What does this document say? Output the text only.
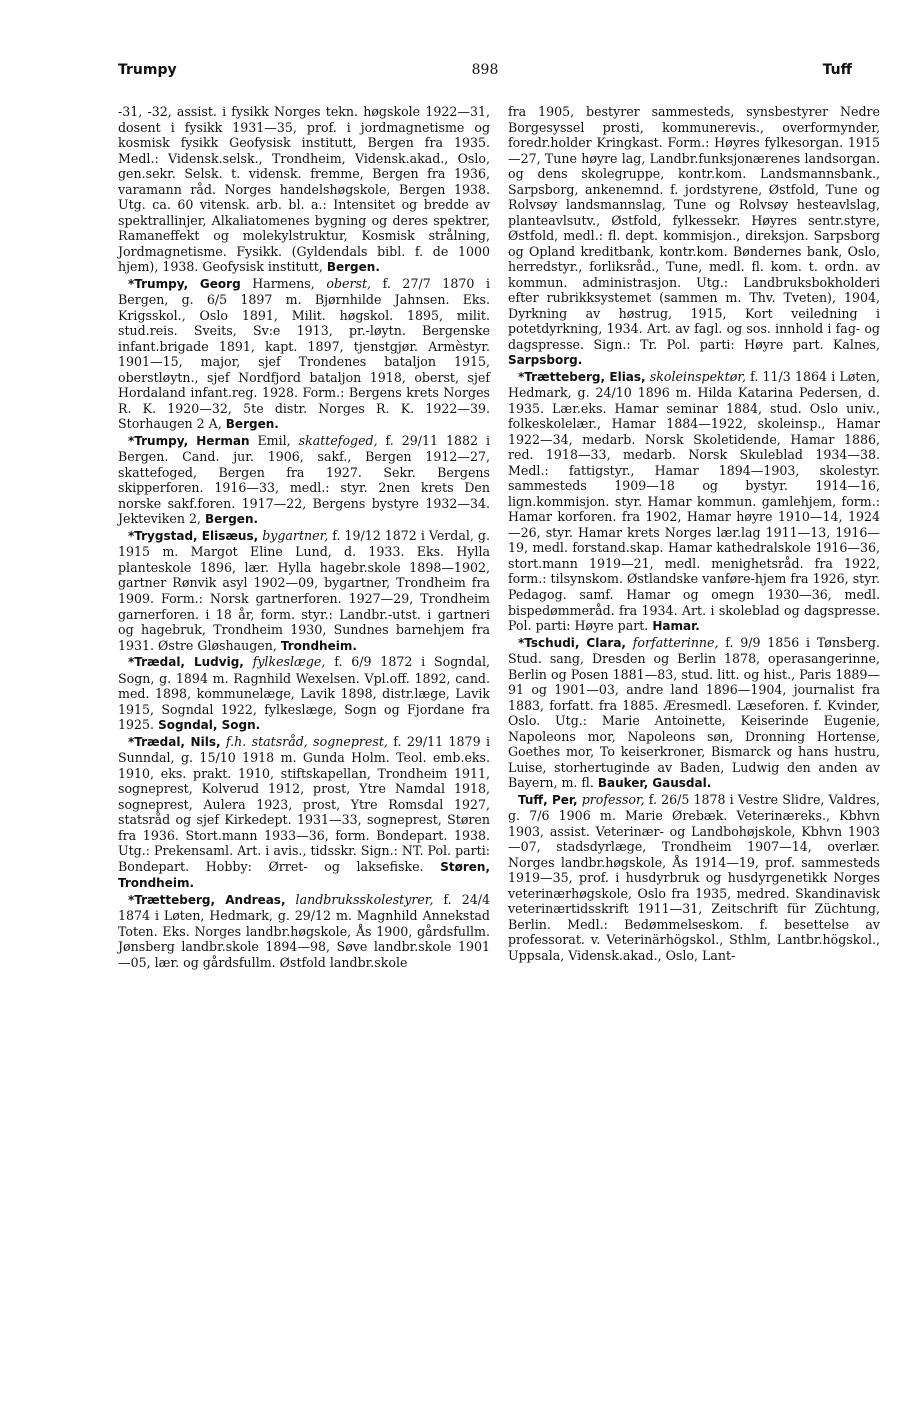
Trumpy	898	Tuff

-31, -32, assist. i fysikk Norges tekn. høgskole 1922—31, dosent i fysikk 1931—35, prof. i jordmagnetisme og kosmisk fysikk Geofysisk institutt, Bergen fra 1935. Medl.: Vidensk.selsk., Trondheim, Vidensk.akad., Oslo, gen.sekr. Selsk. t. vidensk. fremme, Bergen fra 1936, varamann råd. Norges handelshøgskole, Bergen 1938. Utg. ca. 60 vitensk. arb. bl. a.: Intensitet og bredde av spektrallinjer, Alkaliatomenes bygning og deres spektrer, Ramaneffekt og molekylstruktur, Kosmisk strålning, Jordmagnetisme. Fysikk. (Gyldendals bibl. f. de 1000 hjem), 1938. Geofysisk institutt, Bergen.

*Trumpy, Georg Harmens, oberst, f. 27/7 1870 i Bergen, g. 6/5 1897 m. Bjørnhilde Jahnsen. Eks. Krigsskol., Oslo 1891, Milit. høgskol. 1895, milit. stud.reis. Sveits, Sv:e 1913, pr.-løytn. Bergenske infant.brigade 1891, kapt. 1897, tjenstgjør. Armèstyr. 1901—15, major, sjef Trondenes bataljon 1915, oberstløytn., sjef Nordfjord bataljon 1918, oberst, sjef Hordaland infant.reg. 1928. Form.: Bergens krets Norges R. K. 1920—32, 5te distr. Norges R. K. 1922—39. Storhaugen 2 A, Bergen.

*Trumpy, Herman Emil, skattefoged, f. 29/11 1882 i Bergen. Cand. jur. 1906, sakf., Bergen 1912—27, skattefoged, Bergen fra 1927. Sekr. Bergens skipperforen. 1916—33, medl.: styr. 2nen krets Den norske sakf.foren. 1917—22, Bergens bystyre 1932—34. Jekteviken 2, Bergen.

*Trygstad, Elisæus, bygartner, f. 19/12 1872 i Verdal, g. 1915 m. Margot Eline Lund, d. 1933. Eks. Hylla planteskole 1896, lær. Hylla hagebr.skole 1898—1902, gartner Rønvik asyl 1902—09, bygartner, Trondheim fra 1909. Form.: Norsk gartnerforen. 1927—29, Trondheim garnerforen. i 18 år, form. styr.: Landbr.-utst. i gartneri og hagebruk, Trondheim 1930, Sundnes barnehjem fra 1931. Østre Gløshaugen, Trondheim.

*Trædal, Ludvig, fylkeslæge, f. 6/9 1872 i Sogndal, Sogn, g. 1894 m. Ragnhild Wexelsen. Vpl.off. 1892, cand. med. 1898, kommunelæge, Lavik 1898, distr.læge, Lavik 1915, Sogndal 1922, fylkeslæge, Sogn og Fjordane fra 1925. Sogndal, Sogn.

*Trædal, Nils, f.h. statsråd, sogneprest, f. 29/11 1879 i Sunndal, g. 15/10 1918 m. Gunda Holm. Teol. emb.eks. 1910, eks. prakt. 1910, stiftskapellan, Trondheim 1911, sogneprest, Kolverud 1912, prost, Ytre Namdal 1918, sogneprest, Aulera 1923, prost, Ytre Romsdal 1927, statsråd og sjef Kirkedept. 1931—33, sogneprest, Støren fra 1936. Stort.mann 1933—36, form. Bondepart. 1938. Utg.: Prekensaml. Art. i avis., tidsskr. Sign.: NT. Pol. parti: Bondepart. Hobby: Ørret- og laksefiske. Støren, Trondheim.

*Trætteberg, Andreas, landbruksskolestyrer, f. 24/4 1874 i Løten, Hedmark, g. 29/12 m. Magnhild Annekstad Toten. Eks. Norges landbr.høgskole, Ås 1900, gårdsfullm. Jønsberg landbr.skole 1894—98, Søve landbr.skole 1901—05, lær. og gårdsfullm. Østfold landbr.skole

fra 1905, bestyrer sammesteds, synsbestyrer Nedre Borgesyssel prosti, kommunerevis., overformynder, foredr.holder Kringkast. Form.: Høyres fylkesorgan. 1915—27, Tune høyre lag, Landbr.funksjonærenes landsorgan. og dens skolegruppe, kontr.kom. Landsmannsbank., Sarpsborg, ankenemnd. f. jordstyrene, Østfold, Tune og Rolvsøy landsmannslag, Tune og Rolvsøy hesteavlslag, planteavlsutv., Østfold, fylkessekr. Høyres sentr.styre, Østfold, medl.: fl. dept. kommisjon., direksjon. Sarpsborg og Opland kreditbank, kontr.kom. Bøndernes bank, Oslo, herredstyr., forliksråd., Tune, medl. fl. kom. t. ordn. av kommun. administrasjon. Utg.: Landbruksbokholderi efter rubrikksystemet (sammen m. Thv. Tveten), 1904, Dyrkning av høstrug, 1915, Kort veiledning i potetdyrkning, 1934. Art. av fagl. og sos. innhold i fag- og dagspresse. Sign.: Tr. Pol. parti: Høyre part. Kalnes, Sarpsborg.

*Trætteberg, Elias, skoleinspektør, f. 11/3 1864 i Løten, Hedmark, g. 24/10 1896 m. Hilda Katarina Pedersen, d. 1935. Lær.eks. Hamar seminar 1884, stud. Oslo univ., folkeskolelær., Hamar 1884—1922, skoleinsp., Hamar 1922—34, medarb. Norsk Skoletidende, Hamar 1886, red. 1918—33, medarb. Norsk Skuleblad 1934—38. Medl.: fattigstyr., Hamar 1894—1903, skolestyr. sammesteds 1909—18 og bystyr. 1914—16, lign.kommisjon. styr. Hamar kommun. gamlehjem, form.: Hamar korforen. fra 1902, Hamar høyre 1910—14, 1924—26, styr. Hamar krets Norges lær.lag 1911—13, 1916—19, medl. forstand.skap. Hamar kathedralskole 1916—36, stort.mann 1919—21, medl. menighetsråd. fra 1922, form.: tilsynskom. Østlandske vanføre-hjem fra 1926, styr. Pedagog. samf. Hamar og omegn 1930—36, medl. bispedømmeråd. fra 1934. Art. i skoleblad og dagspresse. Pol. parti: Høyre part. Hamar.

*Tschudi, Clara, forfatterinne, f. 9/9 1856 i Tønsberg. Stud. sang, Dresden og Berlin 1878, operasangerinne, Berlin og Posen 1881—83, stud. litt. og hist., Paris 1889—91 og 1901—03, andre land 1896—1904, journalist fra 1883, forfatt. fra 1885. Æresmedl. Læseforen. f. Kvinder, Oslo. Utg.: Marie Antoinette, Keiserinde Eugenie, Napoleons mor, Napoleons søn, Dronning Hortense, Goethes mor, To keiserkroner, Bismarck og hans hustru, Luise, storhertuginde av Baden, Ludwig den anden av Bayern, m. fl. Bauker, Gausdal.

Tuff, Per, professor, f. 26/5 1878 i Vestre Slidre, Valdres, g. 7/6 1906 m. Marie Ørebæk. Veterinæreks., Kbhvn 1903, assist. Veterinær- og Landbohøjskole, Kbhvn 1903—07, stadsdyrlæge, Trondheim 1907—14, overlær. Norges landbr.høgskole, Ås 1914—19, prof. sammesteds 1919—35, prof. i husdyrbruk og husdyrgenetikk Norges veterinærhøgskole, Oslo fra 1935, medred. Skandinavisk veterinærtidsskrift 1911—31, Zeitschrift für Züchtung, Berlin. Medl.: Bedømmelseskom. f. besettelse av professorat. v. Veterinärhögskol., Sthlm, Lantbr.högskol., Uppsala, Vidensk.akad., Oslo, Lant-
